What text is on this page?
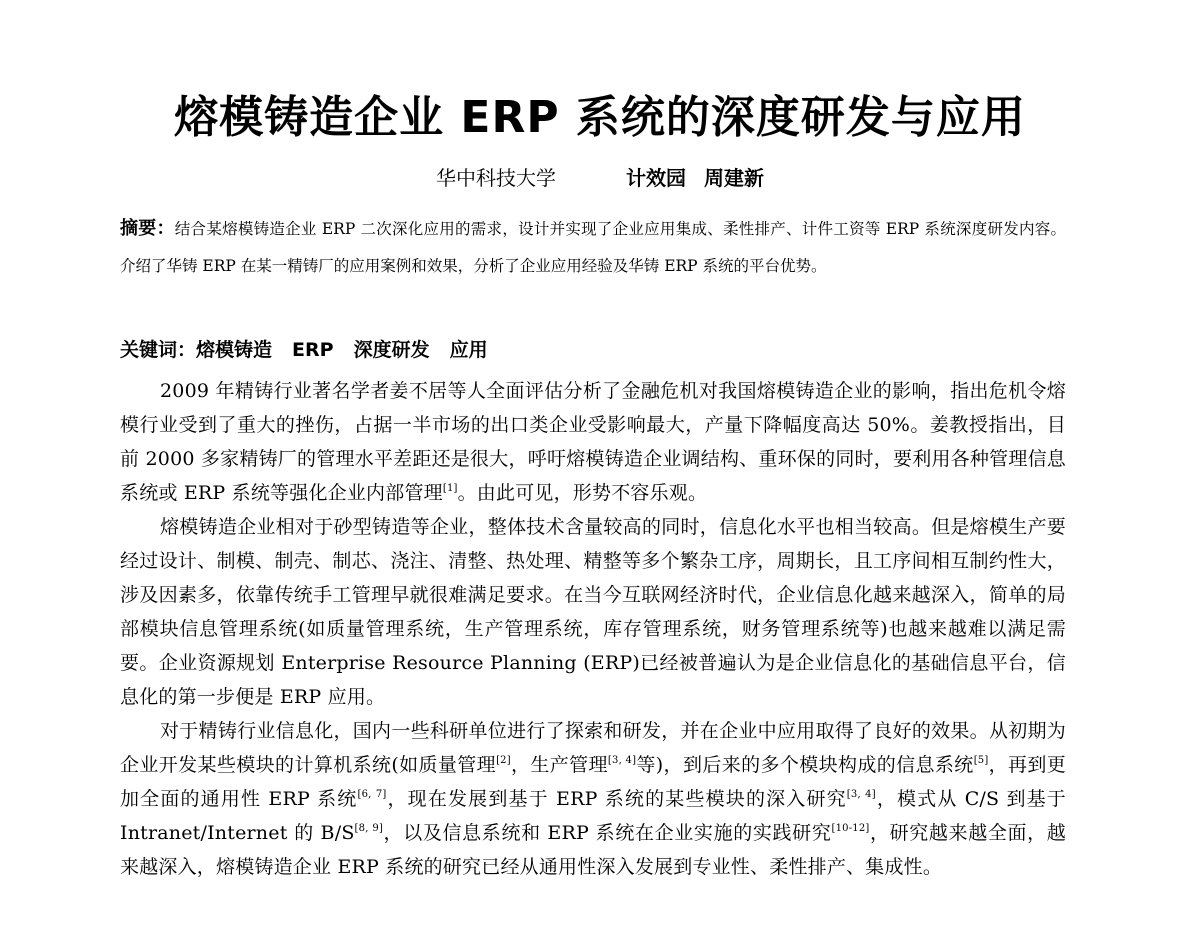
熔模铸造企业 ERP 系统的深度研发与应用
华中科技大学	计效园 周建新
摘要：结合某熔模铸造企业 ERP 二次深化应用的需求，设计并实现了企业应用集成、柔性排产、计件工资等 ERP 系统深度研发内容。介绍了华铸 ERP 在某一精铸厂的应用案例和效果，分析了企业应用经验及华铸 ERP 系统的平台优势。
关键词：熔模铸造 ERP 深度研发 应用

2009 年精铸行业著名学者姜不居等人全面评估分析了金融危机对我国熔模铸造企业的影响，指出危机令熔模行业受到了重大的挫伤，占据一半市场的出口类企业受影响最大，产量下降幅度高达 50%。姜教授指出，目前 2000 多家精铸厂的管理水平差距还是很大，呼吁熔模铸造企业调结构、重环保的同时，要利用各种管理信息系统或 ERP 系统等强化企业内部管理[1]。由此可见，形势不容乐观。

熔模铸造企业相对于砂型铸造等企业，整体技术含量较高的同时，信息化水平也相当较高。但是熔模生产要经过设计、制模、制壳、制芯、浇注、清整、热处理、精整等多个繁杂工序，周期长，且工序间相互制约性大，涉及因素多，依靠传统手工管理早就很难满足要求。在当今互联网经济时代，企业信息化越来越深入，简单的局部模块信息管理系统(如质量管理系统，生产管理系统，库存管理系统，财务管理系统等)也越来越难以满足需要。企业资源规划 Enterprise Resource Planning (ERP)已经被普遍认为是企业信息化的基础信息平台，信息化的第一步便是 ERP 应用。

对于精铸行业信息化，国内一些科研单位进行了探索和研发，并在企业中应用取得了良好的效果。从初期为企业开发某些模块的计算机系统(如质量管理[2]，生产管理[3, 4]等)，到后来的多个模块构成的信息系统[5]，再到更加全面的通用性 ERP 系统[6, 7]，现在发展到基于 ERP 系统的某些模块的深入研究[3, 4]，模式从 C/S 到基于 Intranet/Internet 的 B/S[8, 9]，以及信息系统和 ERP 系统在企业实施的实践研究[10-12]，研究越来越全面，越来越深入，熔模铸造企业 ERP 系统的研究已经从通用性深入发展到专业性、柔性排产、集成性。
